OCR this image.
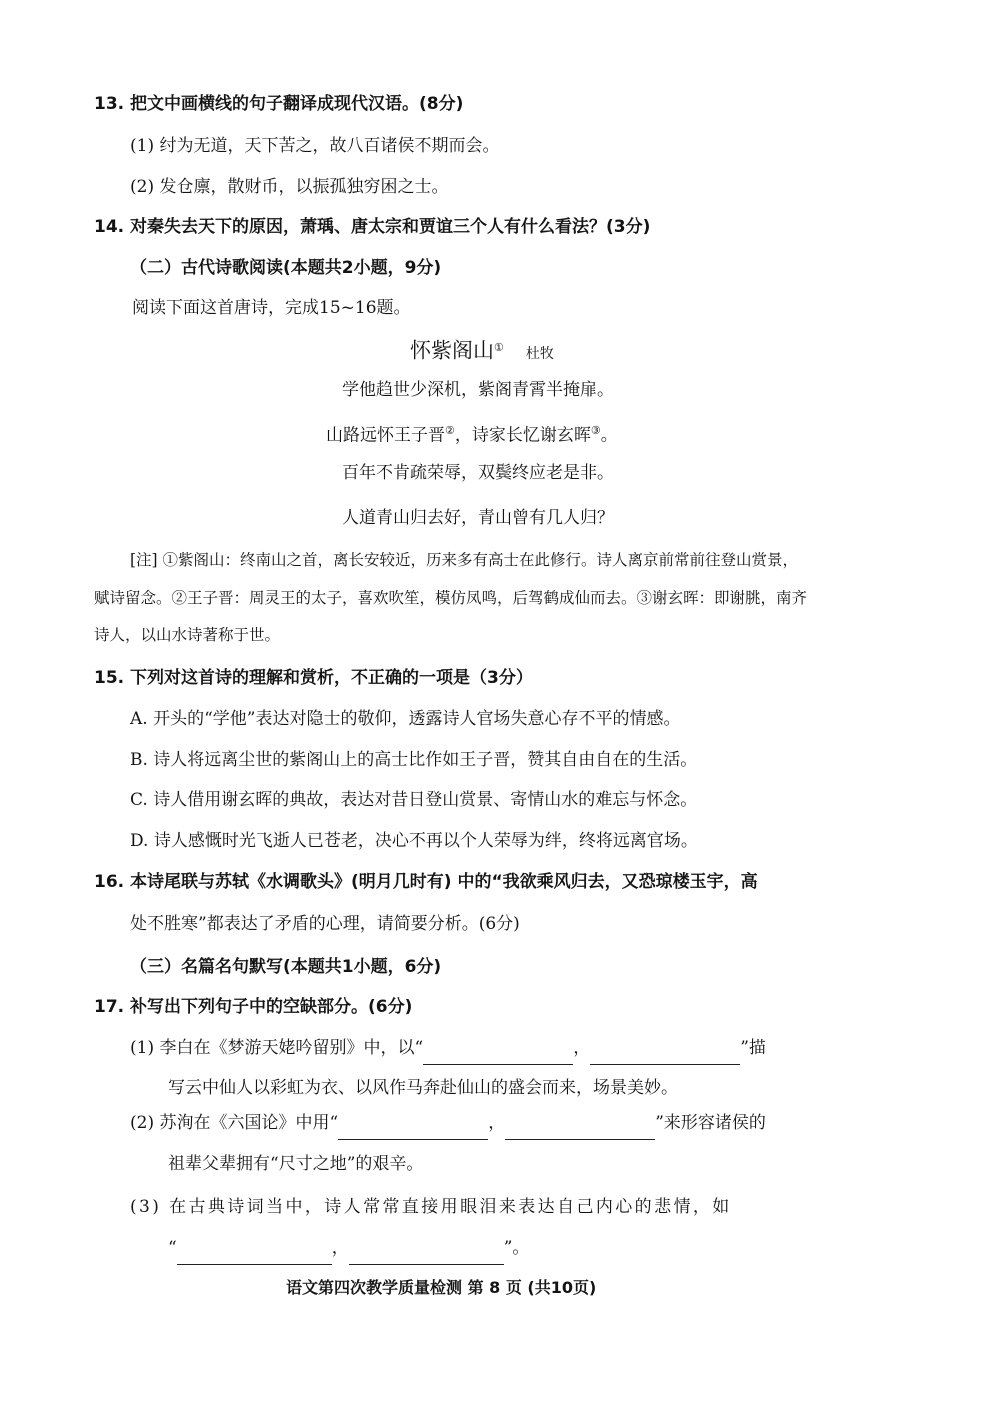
13. 把文中画横线的句子翻译成现代汉语。(8分)
(1) 纣为无道，天下苦之，故八百诸侯不期而会。
(2) 发仓廪，散财币，以振孤独穷困之士。
14. 对秦失去天下的原因，萧瑀、唐太宗和贾谊三个人有什么看法？(3分)
（二）古代诗歌阅读(本题共2小题，9分)
阅读下面这首唐诗，完成15~16题。
怀紫阁山① 杜牧
学他趋世少深机，紫阁青霄半掩扉。
山路远怀王子晋②，诗家长忆谢玄晖③。
百年不肯疏荣辱，双鬓终应老是非。
人道青山归去好，青山曾有几人归？
[注] ①紫阁山：终南山之首，离长安较近，历来多有高士在此修行。诗人离京前常前往登山赏景，
赋诗留念。②王子晋：周灵王的太子，喜欢吹笙，模仿凤鸣，后驾鹤成仙而去。③谢玄晖：即谢朓，南齐
诗人，以山水诗著称于世。
15. 下列对这首诗的理解和赏析，不正确的一项是（3分）
A. 开头的“学他”表达对隐士的敬仰，透露诗人官场失意心存不平的情感。
B. 诗人将远离尘世的紫阁山上的高士比作如王子晋，赞其自由自在的生活。
C. 诗人借用谢玄晖的典故，表达对昔日登山赏景、寄情山水的难忘与怀念。
D. 诗人感慨时光飞逝人已苍老，决心不再以个人荣辱为绊，终将远离官场。
16. 本诗尾联与苏轼《水调歌头》(明月几时有) 中的“我欲乘风归去，又恐琼楼玉宇，高
处不胜寒”都表达了矛盾的心理，请简要分析。(6分)
（三）名篇名句默写(本题共1小题，6分)
17. 补写出下列句子中的空缺部分。(6分)
(1) 李白在《梦游天姥吟留别》中，以“	，	”描
写云中仙人以彩虹为衣、以风作马奔赴仙山的盛会而来，场景美妙。
(2) 苏洵在《六国论》中用“	，	”来形容诸侯的
祖辈父辈拥有“尺寸之地”的艰辛。
(3) 在古典诗词当中，诗人常常直接用眼泪来表达自己内心的悲情，如
“	，	”。
语文第四次教学质量检测 第 8 页 (共10页)
